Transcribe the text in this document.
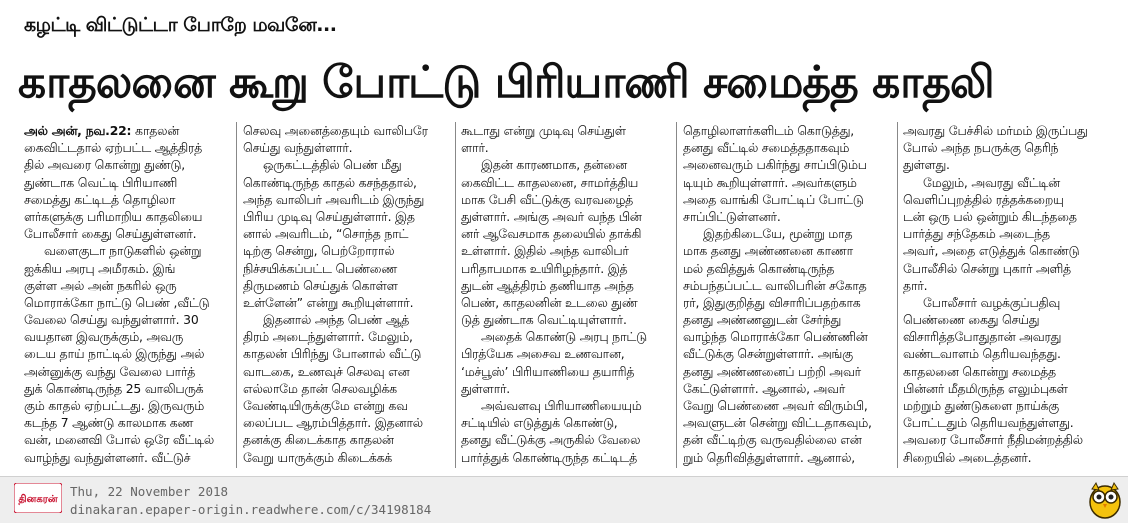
கழட்டி விட்டுட்டா போறே மவனே...
காதலனை கூறு போட்டு பிரியாணி சமைத்த காதலி
அல் அன், நவ.22: காதலன்
கைவிட்டதால் ஏற்பட்ட ஆத்திரத்
தில் அவரை கொன்று துண்டு,
துண்டாக வெட்டி பிரியாணி
சமைத்து கட்டிடத் தொழிலா
ளர்களுக்கு பரிமாறிய காதலியை
போலீசார் கைது செய்துள்ளனர்.
வளைகுடா நாடுகளில் ஒன்று
ஐக்கிய அரபு அமீரகம். இங்
குள்ள அல் அன் நகரில் ஒரு
மொராக்கோ நாட்டு பெண் ,வீட்டு
வேலை செய்து வந்துள்ளார். 30
வயதான இவருக்கும், அவரு
டைய தாய் நாட்டில் இருந்து அல்
அன்னுக்கு வந்து வேலை பார்த்
துக் கொண்டிருந்த 25 வாலிபருக்
கும் காதல் ஏற்பட்டது. இருவரும்
கடந்த 7 ஆண்டு காலமாக கண
வன், மனைவி போல் ஒரே வீட்டில்
வாழ்ந்து வந்துள்ளனர். வீட்டுச்
செலவு அனைத்தையும் வாலிபரே
செய்து வந்துள்ளார்.
ஒருகட்டத்தில் பெண் மீது
கொண்டிருந்த காதல் கசந்ததால்,
அந்த வாலிபர் அவரிடம் இருந்து
பிரிய முடிவு செய்துள்ளார். இத
னால் அவரிடம், “சொந்த நாட்
டிற்கு சென்று, பெற்றோரால்
நிச்சயிக்கப்பட்ட பெண்ணை
திருமணம் செய்துக் கொள்ள
உள்ளேன்” என்று கூறியுள்ளார்.
இதனால் அந்த பெண் ஆத்
திரம் அடைந்துள்ளார். மேலும்,
காதலன் பிரிந்து போனால் வீட்டு
வாடகை, உணவுச் செலவு என
எல்லாமே தான் செலவழிக்க
வேண்டியிருக்குமே என்று கவ
லைப்பட ஆரம்பித்தார். இதனால்
தனக்கு கிடைக்காத காதலன்
வேறு யாருக்கும் கிடைக்கக்
கூடாது என்று முடிவு செய்துள்
ளார்.
இதன் காரணமாக, தன்னை
கைவிட்ட காதலனை, சாமர்த்திய
மாக பேசி வீட்டுக்கு வரவழைத்
துள்ளார். அங்கு அவர் வந்த பின்
னர் ஆவேசமாக தலையில் தாக்கி
உள்ளார். இதில் அந்த வாலிபர்
பரிதாபமாக உயிரிழந்தார். இத்
துடன் ஆத்திரம் தணியாத அந்த
பெண், காதலனின் உடலை துண்
டுத் துண்டாக வெட்டியுள்ளார்.
அதைக் கொண்டு அரபு நாட்டு
பிரத்யேக அசைவ உணவான,
‘மச்பூஸ்’ பிரியாணியை தயாரித்
துள்ளார்.
அவ்வளவு பிரியாணியையும்
சட்டியில் எடுத்துக் கொண்டு,
தனது வீட்டுக்கு அருகில் வேலை
பார்த்துக் கொண்டிருந்த கட்டிடத்
தொழிலாளர்களிடம் கொடுத்து,
தனது வீட்டில் சமைத்ததாகவும்
அனைவரும் பகிர்ந்து சாப்பிடும்ப
டியும் கூறியுள்ளார். அவர்களும்
அதை வாங்கி போட்டிப் போட்டு
சாப்பிட்டுள்ளனர்.
இதற்கிடையே, மூன்று மாத
மாக தனது அண்ணனை காணா
மல் தவித்துக் கொண்டிருந்த
சம்பந்தப்பட்ட வாலிபரின் சகோத
ரர், இதுகுறித்து விசாரிப்பதற்காக
தனது அண்ணனுடன் சேர்ந்து
வாழ்ந்த மொராக்கோ பெண்ணின்
வீட்டுக்கு சென்றுள்ளார். அங்கு
தனது அண்ணனைப் பற்றி அவர்
கேட்டுள்ளார். ஆனால், அவர்
வேறு பெண்ணை அவர் விரும்பி,
அவளுடன் சென்று விட்டதாகவும்,
தன் வீட்டிற்கு வருவதில்லை என்
றும் தெரிவித்துள்ளார். ஆனால்,
அவரது பேச்சில் மர்மம் இருப்பது
போல் அந்த நபருக்கு தெரிந்
துள்ளது.
மேலும், அவரது வீட்டின்
வெளிப்புறத்தில் ரத்தக்கறையு
டன் ஒரு பல் ஒன்றும் கிடந்ததை
பார்த்து சந்தேகம் அடைந்த
அவர், அதை எடுத்துக் கொண்டு
போலீசில் சென்று புகார் அளித்
தார்.
போலீசார் வழக்குப்பதிவு
பெண்ணை கைது செய்து
விசாரித்தபோதுதான் அவரது
வண்டவாளம் தெரியவந்தது.
காதலனை கொன்று சமைத்த
பின்னர் மீதமிருந்த எலும்புகள்
மற்றும் துண்டுகளை நாய்க்கு
போட்டதும் தெரியவந்துள்ளது.
அவரை போலீசார் நீதிமன்றத்தில்
சிறையில் அடைத்தனர்.
தினகரன்
Thu, 22 November 2018
dinakaran.epaper-origin.readwhere.com/c/34198184
